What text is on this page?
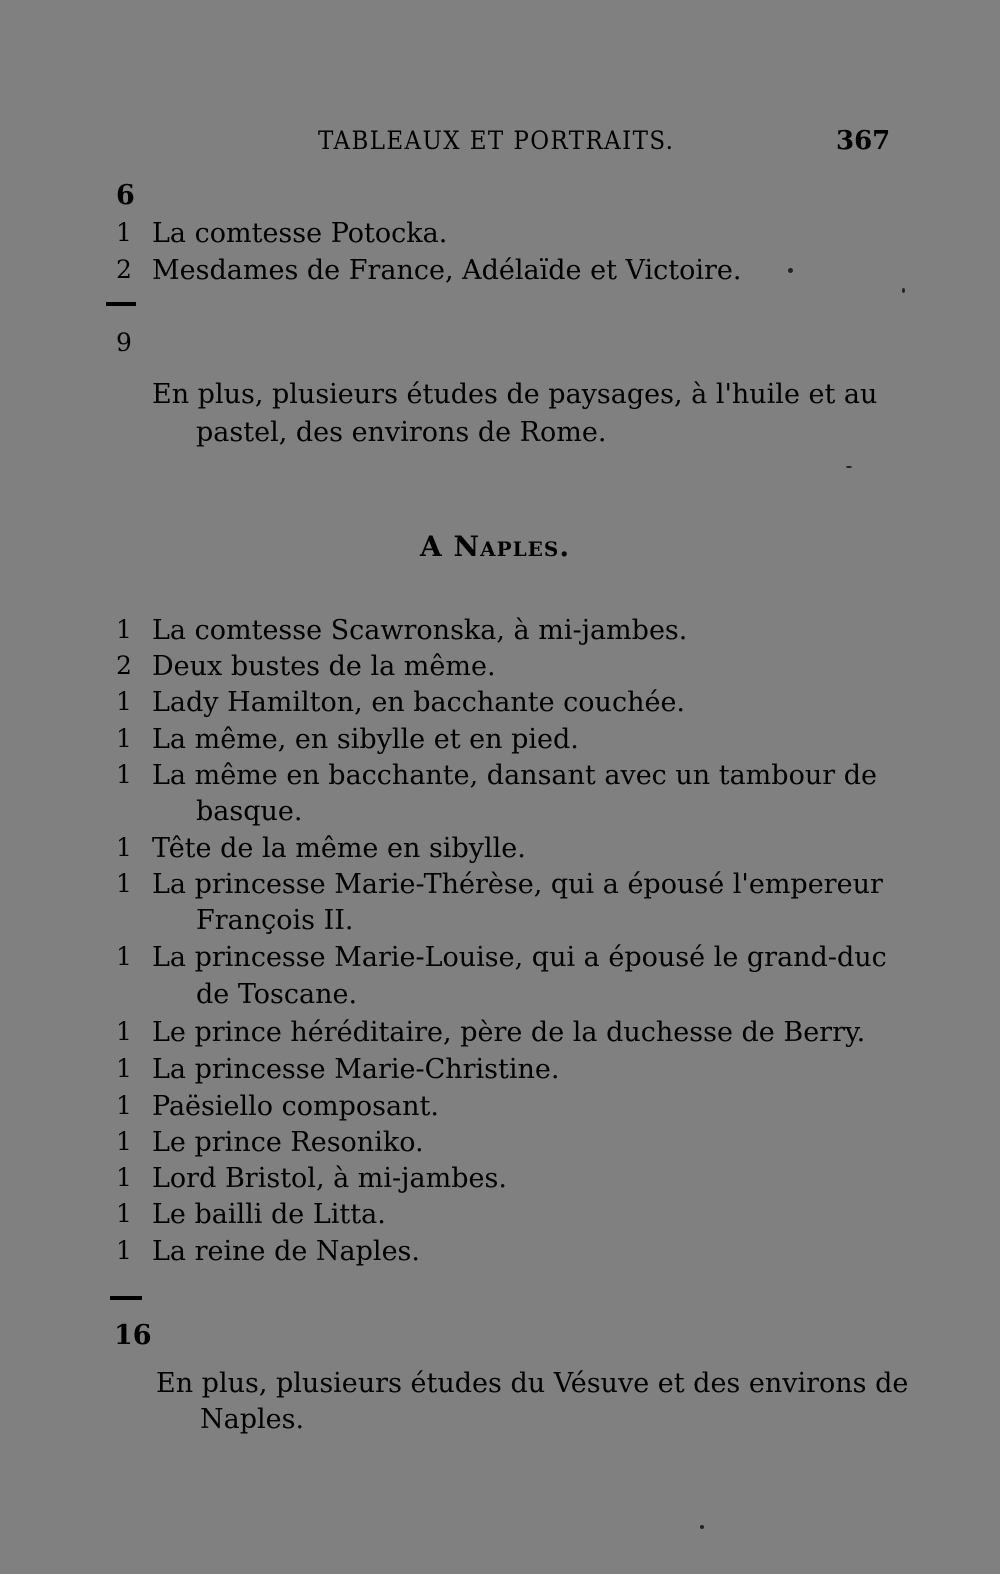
TABLEAUX ET PORTRAITS.	367
6
1 La comtesse Potocka.
2 Mesdames de France, Adélaïde et Victoire.
9
En plus, plusieurs études de paysages, à l'huile et au
pastel, des environs de Rome.
A Naples.
1 La comtesse Scawronska, à mi-jambes.
2 Deux bustes de la même.
1 Lady Hamilton, en bacchante couchée.
1 La même, en sibylle et en pied.
1 La même en bacchante, dansant avec un tambour de
basque.
1 Tête de la même en sibylle.
1 La princesse Marie-Thérèse, qui a épousé l'empereur
François II.
1 La princesse Marie-Louise, qui a épousé le grand-duc
de Toscane.
1 Le prince héréditaire, père de la duchesse de Berry.
1 La princesse Marie-Christine.
1 Paësiello composant.
1 Le prince Resoniko.
1 Lord Bristol, à mi-jambes.
1 Le bailli de Litta.
1 La reine de Naples.
16
En plus, plusieurs études du Vésuve et des environs de
Naples.
